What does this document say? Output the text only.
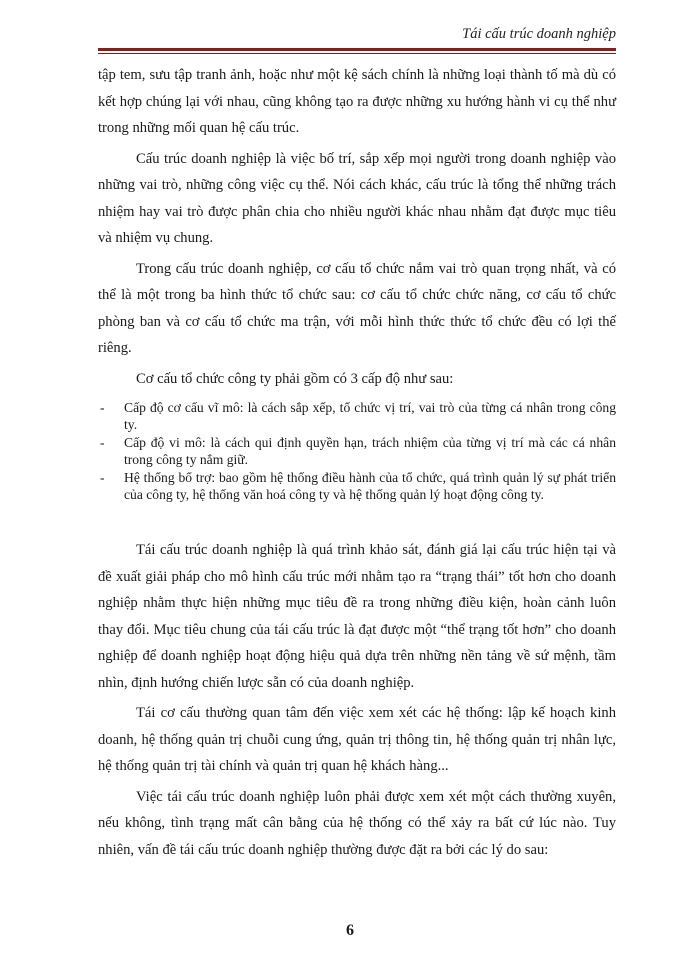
Tái cấu trúc doanh nghiệp

tập tem, sưu tập tranh ảnh, hoặc như một kệ sách chính là những loại thành tố mà dù có kết hợp chúng lại với nhau, cũng không tạo ra được những xu hướng hành vi cụ thể như trong những mối quan hệ cấu trúc.

Cấu trúc doanh nghiệp là việc bố trí, sắp xếp mọi người trong doanh nghiệp vào những vai trò, những công việc cụ thể. Nói cách khác, cấu trúc là tổng thể những trách nhiệm hay vai trò được phân chia cho nhiều người khác nhau nhằm đạt được mục tiêu và nhiệm vụ chung.

Trong cấu trúc doanh nghiệp, cơ cấu tổ chức nắm vai trò quan trọng nhất, và có thể là một trong ba hình thức tổ chức sau: cơ cấu tổ chức chức năng, cơ cấu tổ chức phòng ban và cơ cấu tổ chức ma trận, với mỗi hình thức thức tổ chức đều có lợi thế riêng.

Cơ cấu tổ chức công ty phải gồm có 3 cấp độ như sau:

- Cấp độ cơ cấu vĩ mô: là cách sắp xếp, tổ chức vị trí, vai trò của từng cá nhân trong công ty.
- Cấp độ vi mô: là cách qui định quyền hạn, trách nhiệm của từng vị trí mà các cá nhân trong công ty nắm giữ.
- Hệ thống bổ trợ: bao gồm hệ thống điều hành của tổ chức, quá trình quản lý sự phát triển của công ty, hệ thống văn hoá công ty và hệ thống quản lý hoạt động công ty.

Tái cấu trúc doanh nghiệp là quá trình khảo sát, đánh giá lại cấu trúc hiện tại và đề xuất giải pháp cho mô hình cấu trúc mới nhằm tạo ra “trạng thái” tốt hơn cho doanh nghiệp nhằm thực hiện những mục tiêu đề ra trong những điều kiện, hoàn cảnh luôn thay đổi. Mục tiêu chung của tái cấu trúc là đạt được một “thể trạng tốt hơn” cho doanh nghiệp để doanh nghiệp hoạt động hiệu quả dựa trên những nền tảng về sứ mệnh, tầm nhìn, định hướng chiến lược sẵn có của doanh nghiệp.

Tái cơ cấu thường quan tâm đến việc xem xét các hệ thống: lập kế hoạch kinh doanh, hệ thống quản trị chuỗi cung ứng, quản trị thông tin, hệ thống quản trị nhân lực, hệ thống quản trị tài chính và quản trị quan hệ khách hàng...

Việc tái cấu trúc doanh nghiệp luôn phải được xem xét một cách thường xuyên, nếu không, tình trạng mất cân bằng của hệ thống có thể xảy ra bất cứ lúc nào. Tuy nhiên, vấn đề tái cấu trúc doanh nghiệp thường được đặt ra bởi các lý do sau:

6
